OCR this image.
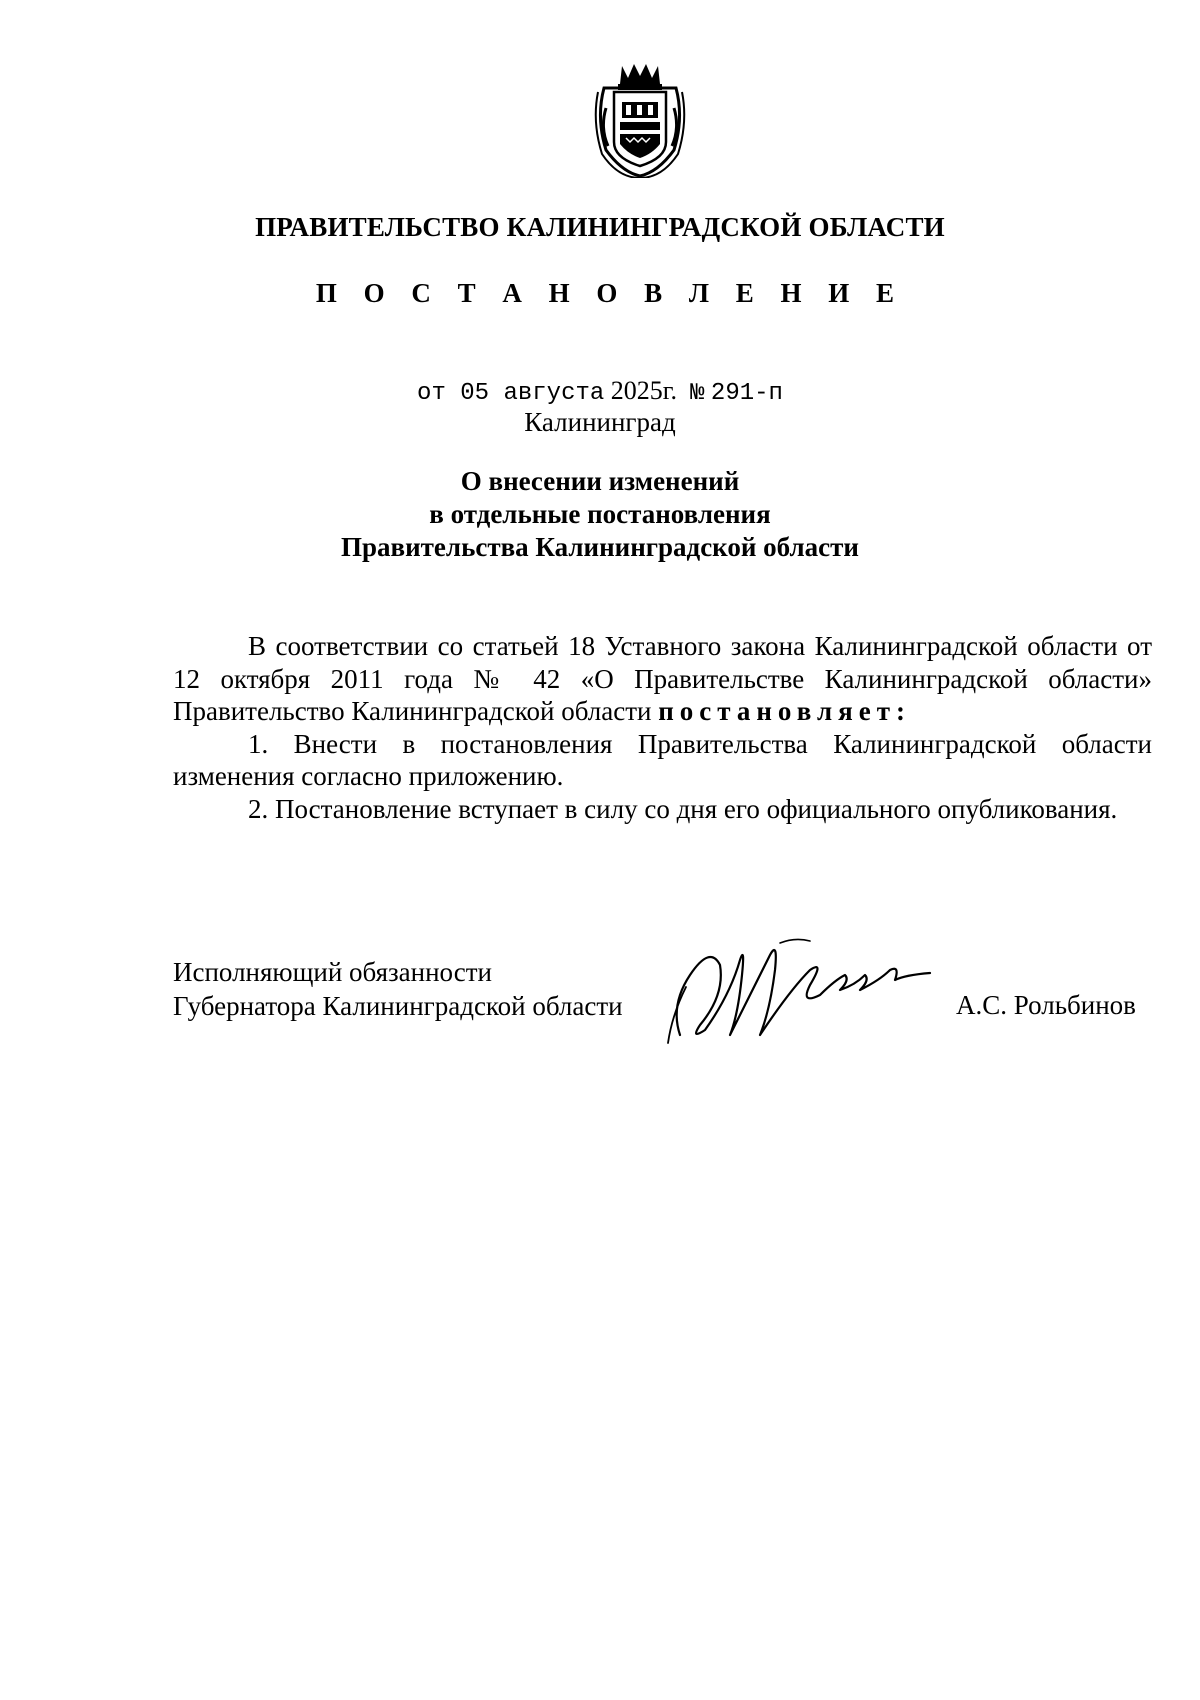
ПРАВИТЕЛЬСТВО КАЛИНИНГРАДСКОЙ ОБЛАСТИ
П О С Т А Н О В Л Е Н И Е
от 05 августа 2025г. № 291-п
Калининград
О внесении изменений
в отдельные постановления
Правительства Калининградской области

В соответствии со статьей 18 Уставного закона Калининградской области от 12 октября 2011 года № 42 «О Правительстве Калининградской области» Правительство Калининградской области постановляет:

1. Внести в постановления Правительства Калининградской области изменения согласно приложению.

2. Постановление вступает в силу со дня его официального опубликования.

Исполняющий обязанности
Губернатора Калининградской области	А.С. Рольбинов
